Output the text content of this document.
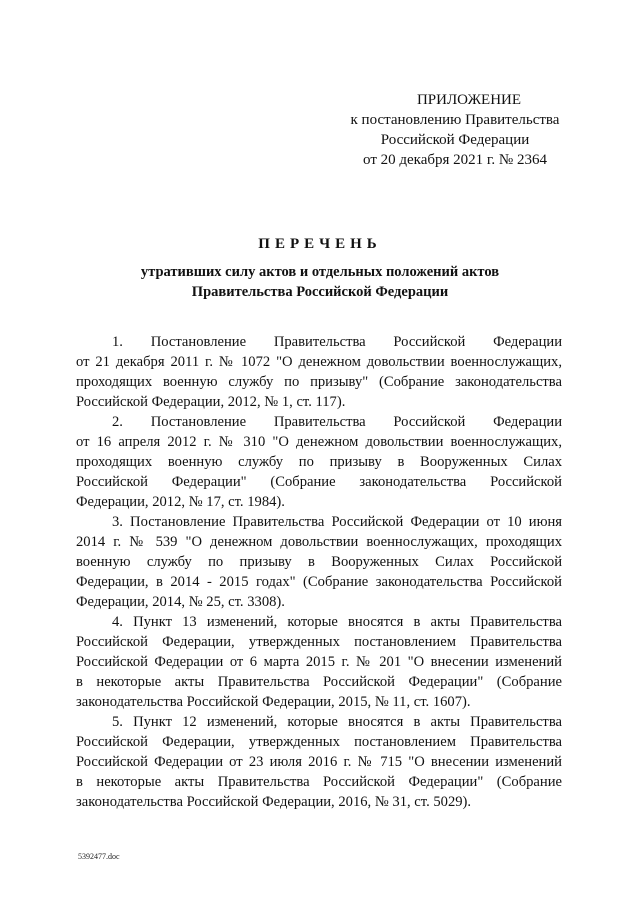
ПРИЛОЖЕНИЕ
к постановлению Правительства
Российской Федерации
от 20 декабря 2021 г. № 2364
ПЕРЕЧЕНЬ
утративших силу актов и отдельных положений актов
Правительства Российской Федерации

1. Постановление Правительства Российской Федерации
от 21 декабря 2011 г. № 1072 "О денежном довольствии военнослужащих,
проходящих военную службу по призыву" (Собрание законодательства
Российской Федерации, 2012, № 1, ст. 117).

2. Постановление Правительства Российской Федерации
от 16 апреля 2012 г. № 310 "О денежном довольствии военнослужащих,
проходящих военную службу по призыву в Вооруженных Силах
Российской Федерации" (Собрание законодательства Российской
Федерации, 2012, № 17, ст. 1984).

3. Постановление Правительства Российской Федерации от 10 июня
2014 г. № 539 "О денежном довольствии военнослужащих, проходящих
военную службу по призыву в Вооруженных Силах Российской
Федерации, в 2014 - 2015 годах" (Собрание законодательства Российской
Федерации, 2014, № 25, ст. 3308).

4. Пункт 13 изменений, которые вносятся в акты Правительства
Российской Федерации, утвержденных постановлением Правительства
Российской Федерации от 6 марта 2015 г. № 201 "О внесении изменений
в некоторые акты Правительства Российской Федерации" (Собрание
законодательства Российской Федерации, 2015, № 11, ст. 1607).

5. Пункт 12 изменений, которые вносятся в акты Правительства
Российской Федерации, утвержденных постановлением Правительства
Российской Федерации от 23 июля 2016 г. № 715 "О внесении изменений
в некоторые акты Правительства Российской Федерации" (Собрание
законодательства Российской Федерации, 2016, № 31, ст. 5029).

5392477.doc
